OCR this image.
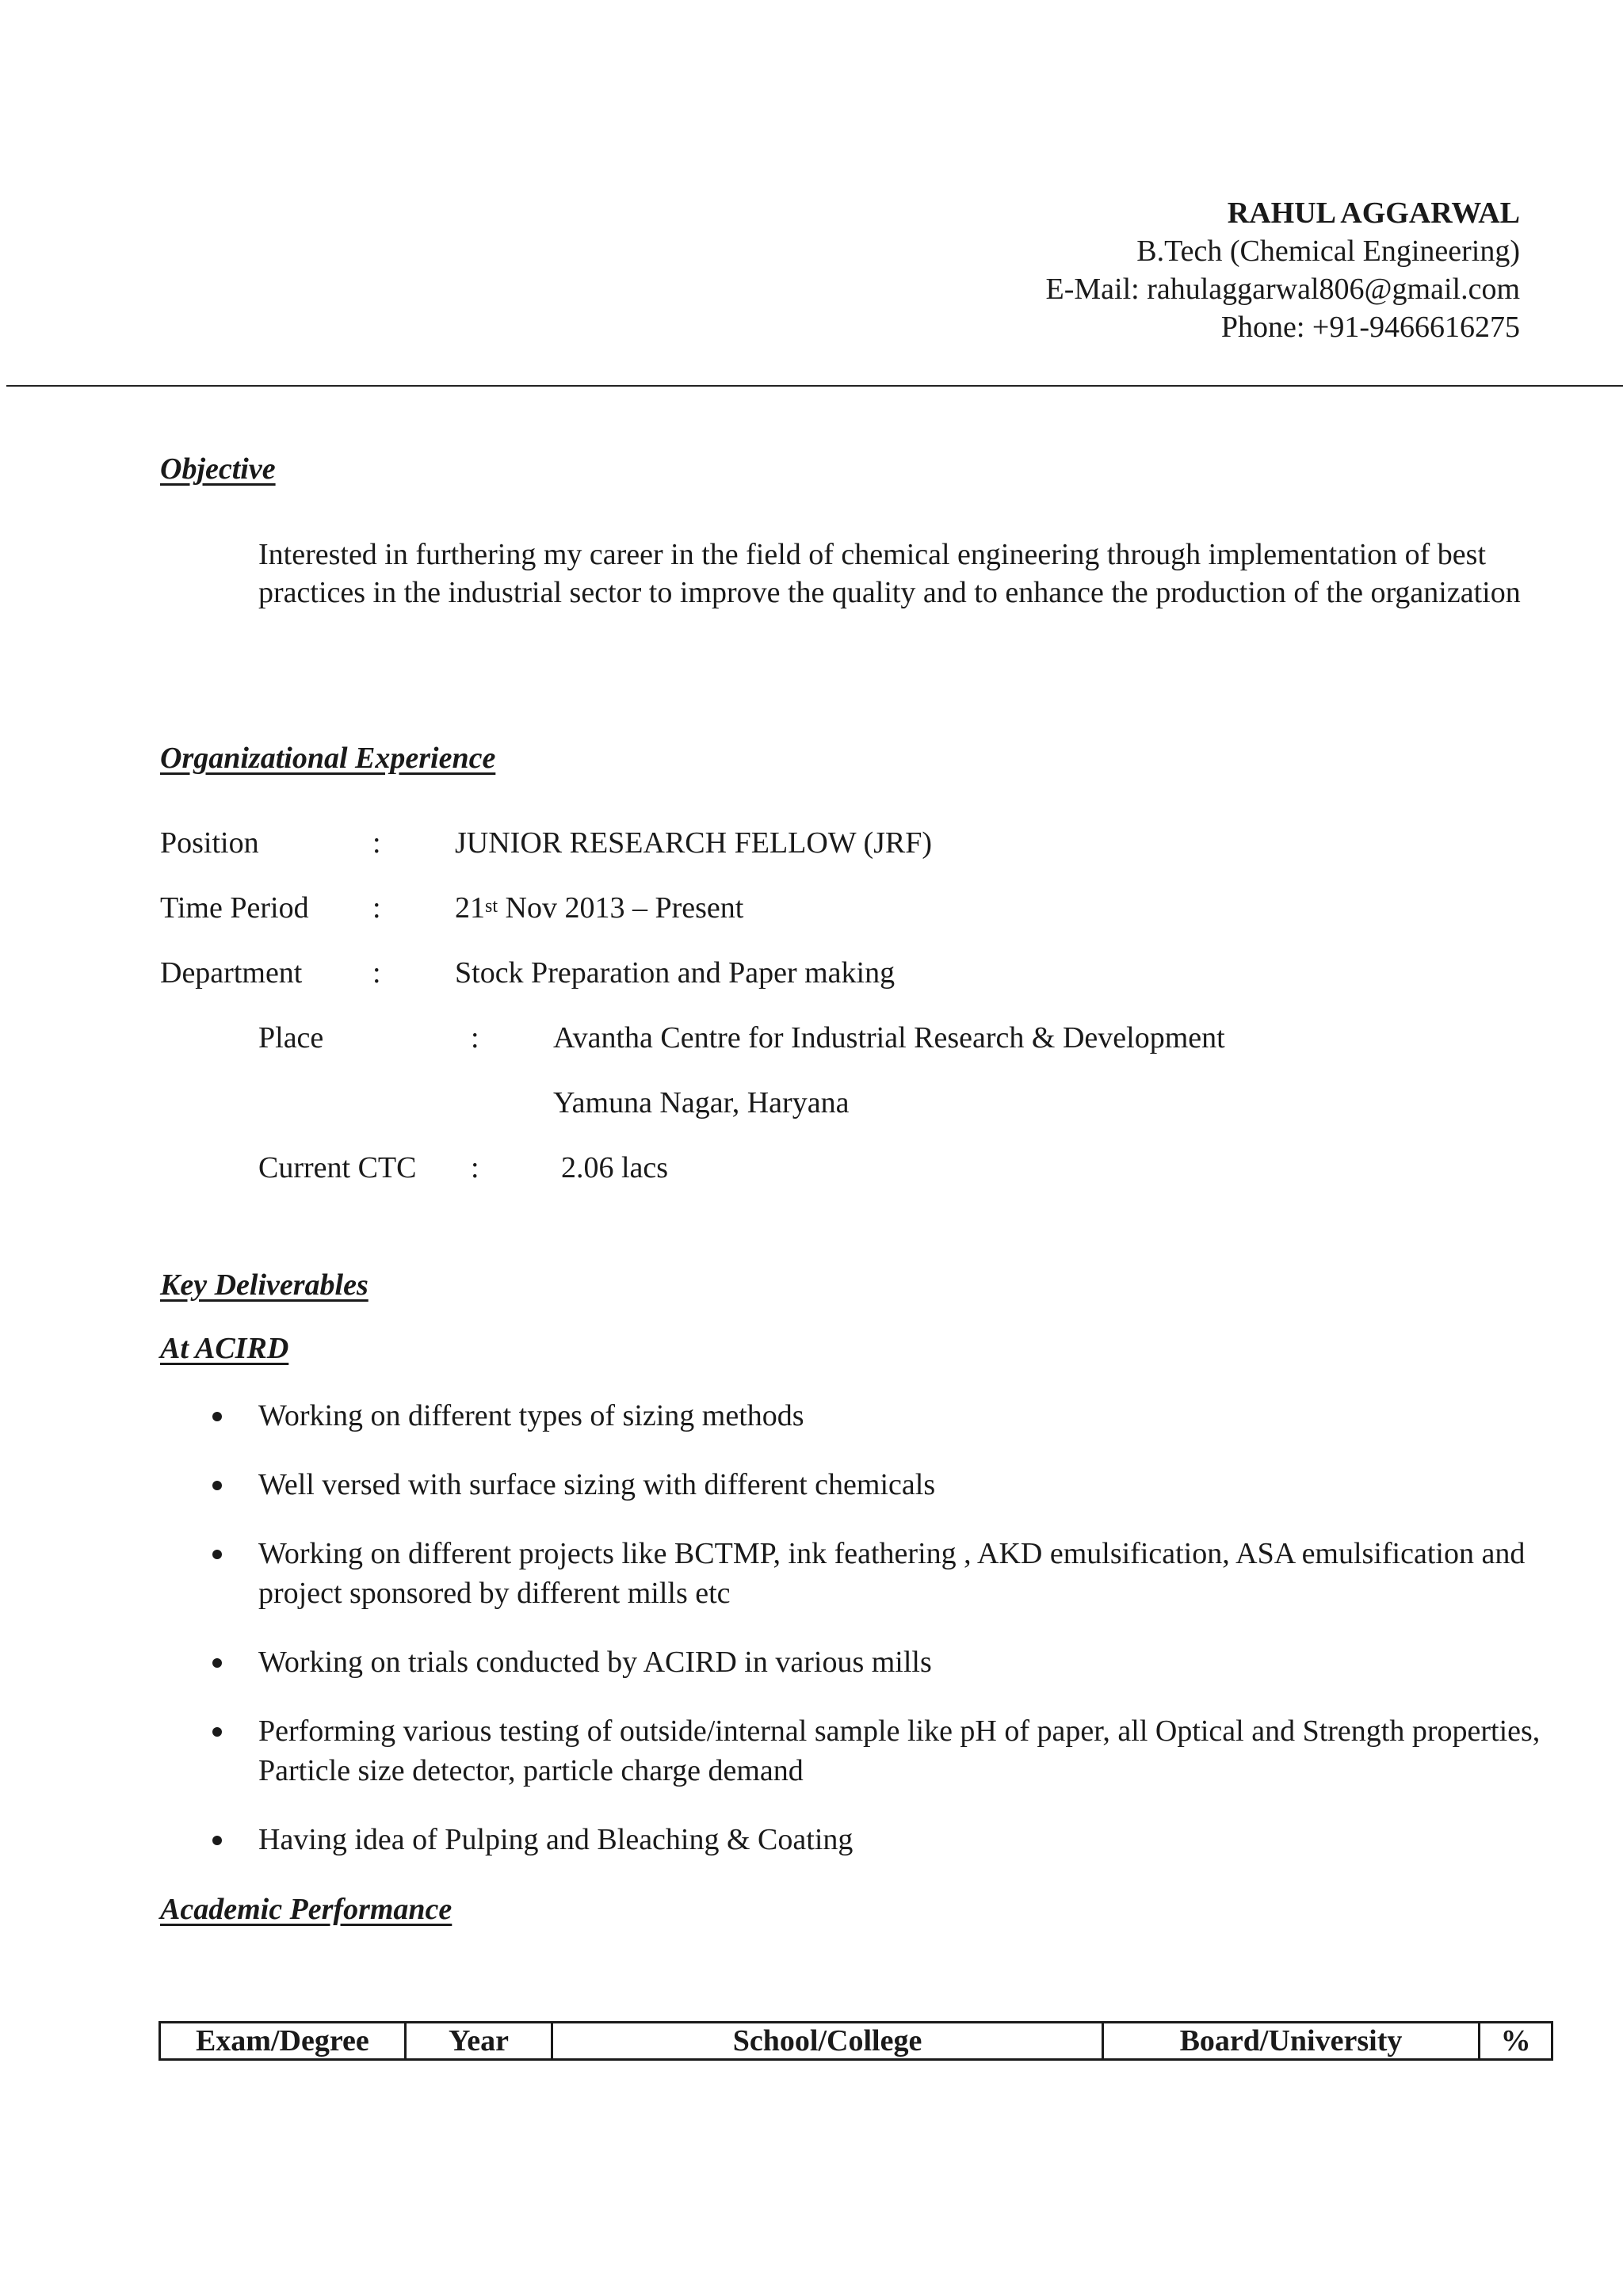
RAHUL AGGARWAL
B.Tech (Chemical Engineering)
E-Mail: rahulaggarwal806@gmail.com
Phone: +91-9466616275
Objective
Interested in furthering my career in the field of chemical engineering through implementation of best practices in the industrial sector to improve the quality and to enhance the production of the organization
Organizational Experience
Position	: JUNIOR RESEARCH FELLOW (JRF)
Time Period : 21st Nov 2013 – Present
Department : Stock Preparation and Paper making
Place	: Avantha Centre for Industrial Research & Development
Yamuna Nagar, Haryana
Current CTC :	2.06 lacs
Key Deliverables
At ACIRD
Working on different types of sizing methods
Well versed with surface sizing with different chemicals
Working on different projects like BCTMP, ink feathering , AKD emulsification, ASA emulsification and project sponsored by different mills etc
Working on trials conducted by ACIRD in various mills
Performing various testing of outside/internal sample like pH of paper, all Optical and Strength properties, Particle size detector, particle charge demand
Having idea of Pulping and Bleaching & Coating
Academic Performance
Exam/Degree	Year	School/College	Board/University	%
